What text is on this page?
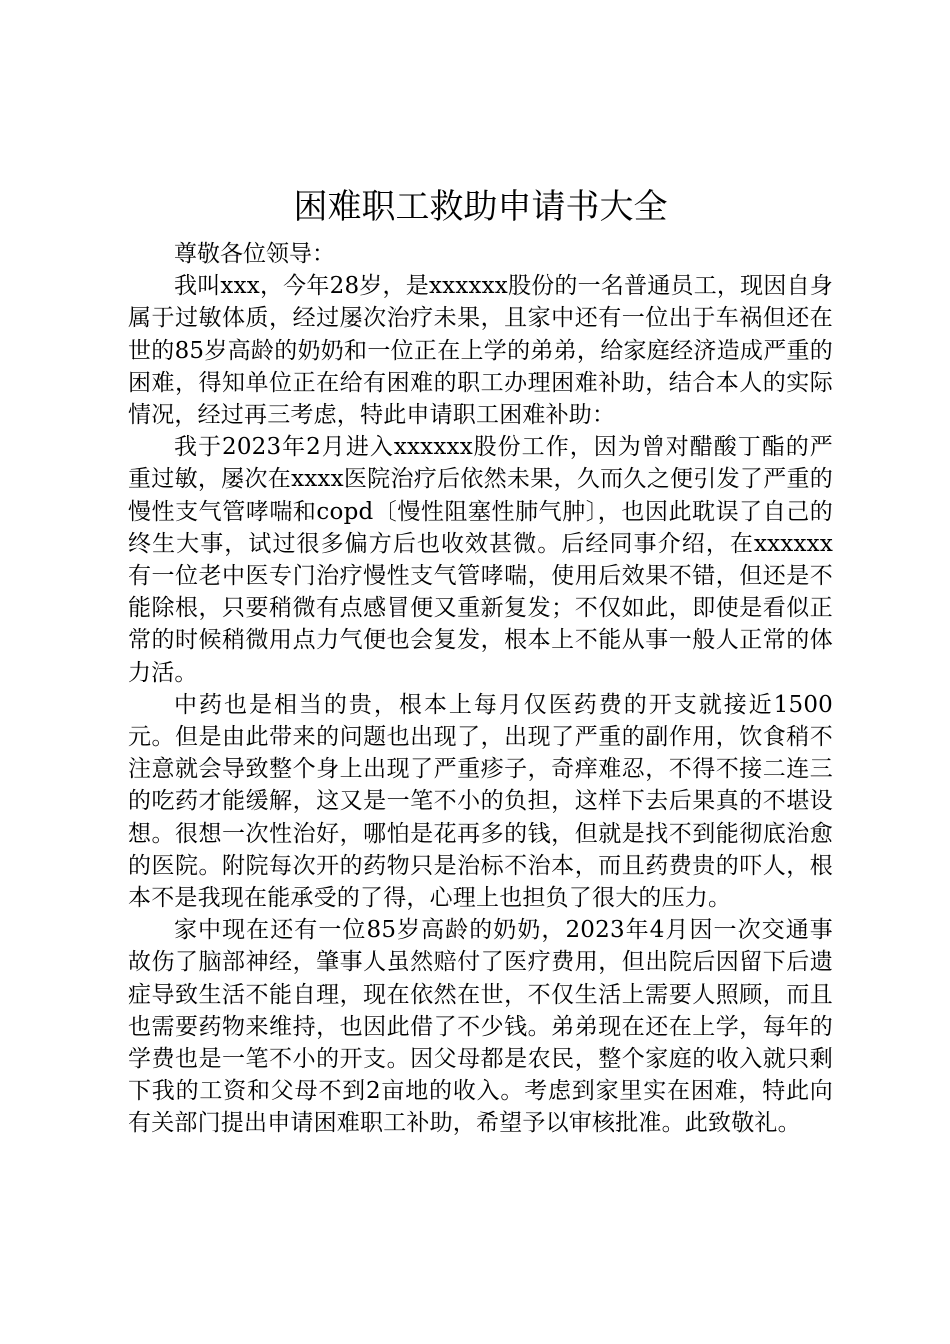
困难职工救助申请书大全

尊敬各位领导：

我叫xxx，今年28岁，是xxxxxx股份的一名普通员工，现因自身属于过敏体质，经过屡次治疗未果，且家中还有一位出于车祸但还在世的85岁高龄的奶奶和一位正在上学的弟弟，给家庭经济造成严重的困难，得知单位正在给有困难的职工办理困难补助，结合本人的实际情况，经过再三考虑，特此申请职工困难补助：

我于2023年2月进入xxxxxx股份工作，因为曾对醋酸丁酯的严重过敏，屡次在xxxx医院治疗后依然未果，久而久之便引发了严重的慢性支气管哮喘和copd〔慢性阻塞性肺气肿〕，也因此耽误了自己的终生大事，试过很多偏方后也收效甚微。后经同事介绍，在xxxxxx有一位老中医专门治疗慢性支气管哮喘，使用后效果不错，但还是不能除根，只要稍微有点感冒便又重新复发；不仅如此，即使是看似正常的时候稍微用点力气便也会复发，根本上不能从事一般人正常的体力活。

中药也是相当的贵，根本上每月仅医药费的开支就接近1500元。但是由此带来的问题也出现了，出现了严重的副作用，饮食稍不注意就会导致整个身上出现了严重疹子，奇痒难忍，不得不接二连三的吃药才能缓解，这又是一笔不小的负担，这样下去后果真的不堪设想。很想一次性治好，哪怕是花再多的钱，但就是找不到能彻底治愈的医院。附院每次开的药物只是治标不治本，而且药费贵的吓人，根本不是我现在能承受的了得，心理上也担负了很大的压力。

家中现在还有一位85岁高龄的奶奶，2023年4月因一次交通事故伤了脑部神经，肇事人虽然赔付了医疗费用，但出院后因留下后遗症导致生活不能自理，现在依然在世，不仅生活上需要人照顾，而且也需要药物来维持，也因此借了不少钱。弟弟现在还在上学，每年的学费也是一笔不小的开支。因父母都是农民，整个家庭的收入就只剩下我的工资和父母不到2亩地的收入。考虑到家里实在困难，特此向有关部门提出申请困难职工补助，希望予以审核批准。此致敬礼。
